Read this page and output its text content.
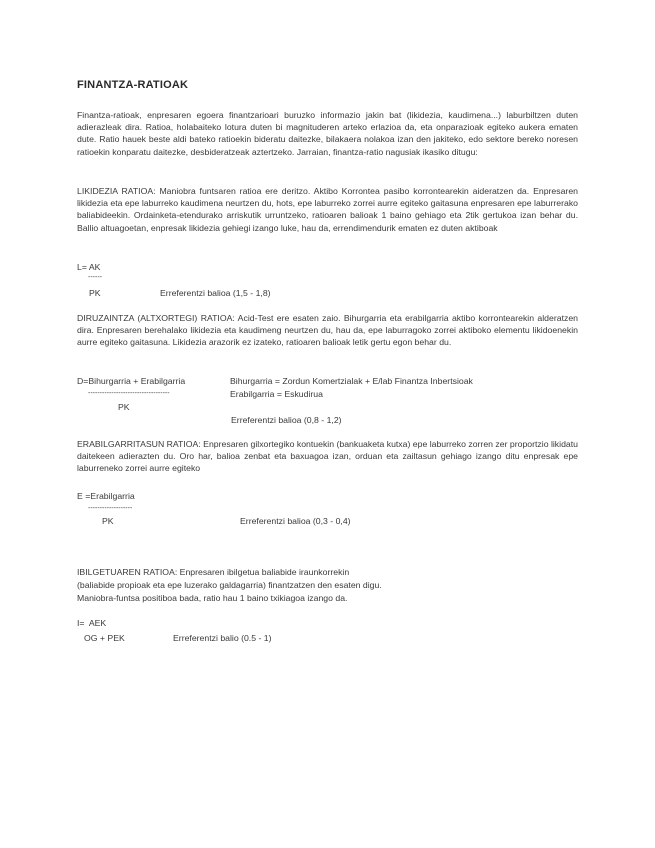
FINANTZA-RATIOAK

Finantza-ratioak, enpresaren egoera finantzarioari buruzko informazio jakin bat (likidezia, kaudimena...) laburbiltzen duten adierazleak dira. Ratioa, holabaiteko lotura duten bi magnituderen arteko erlazioa da, eta onparazioak egiteko aukera ematen dute. Ratio hauek beste aldi bateko ratioekin bideratu daitezke, bilakaera nolakoa izan den jakiteko, edo sektore bereko noresen ratioekin konparatu daitezke, desbideratzeak aztertzeko. Jarraian, finantza-ratio nagusiak ikasiko ditugu:

LIKIDEZIA RATIOA: Maniobra funtsaren ratioa ere deritzo. Aktibo Korrontea pasibo korrontearekin aideratzen da. Enpresaren likidezia eta epe laburreko kaudimena neurtzen du, hots, epe laburreko zorrei aurre egiteko gaitasuna enpresaren epe laburrerako baliabideekin. Ordainketa-etendurako arriskutik urruntzeko, ratioaren balioak 1 baino gehiago eta 2tik gertukoa izan behar du. Ballio altuagoetan, enpresak likidezia gehiegi izango luke, hau da, errendimendurik ematen ez duten aktiboak

L= AK
------
PK	Erreferentzi balioa (1,5 - 1,8)

DIRUZAINTZA (ALTXORTEGI) RATIOA: Acid-Test ere esaten zaio. Bihurgarria eta erabilgarria aktibo korrontearekin alderatzen dira. Enpresaren berehalako likidezia eta kaudimeng neurtzen du, hau da, epe laburragoko zorrei aktiboko elementu likidoenekin aurre egiteko gaitasuna. Likidezia arazorik ez izateko, ratioaren balioak letik gertu egon behar du.

D=Bihurgarria + Erabilgarria	Bihurgarria = Zordun Komertzialak + E/lab Finantza Inbertsioak
-----------------------------------	Erabilgarria = Eskudirua
PK
Erreferentzi balioa (0,8 - 1,2)

ERABILGARRITASUN RATIOA: Enpresaren gilxortegiko kontuekin (bankuaketa kutxa) epe laburreko zorren zer proportzio likidatu daitekeen adierazten du. Oro har, balioa zenbat eta baxuagoa izan, orduan eta zailtasun gehiago izango ditu enpresak epe laburreneko zorrei aurre egiteko

E =Erabilgarria
-------------------
PK	Erreferentzi balioa (0,3 - 0,4)
IBILGETUAREN RATIOA: Enpresaren ibilgetua baliabide iraunkorrekin
(baliabide propioak eta epe luzerako galdagarria) finantzatzen den esaten digu.
Maniobra-funtsa positiboa bada, ratio hau 1 baino txikiagoa izango da.
I=  AEK
OG + PEK	Erreferentzi balio (0.5 - 1)
